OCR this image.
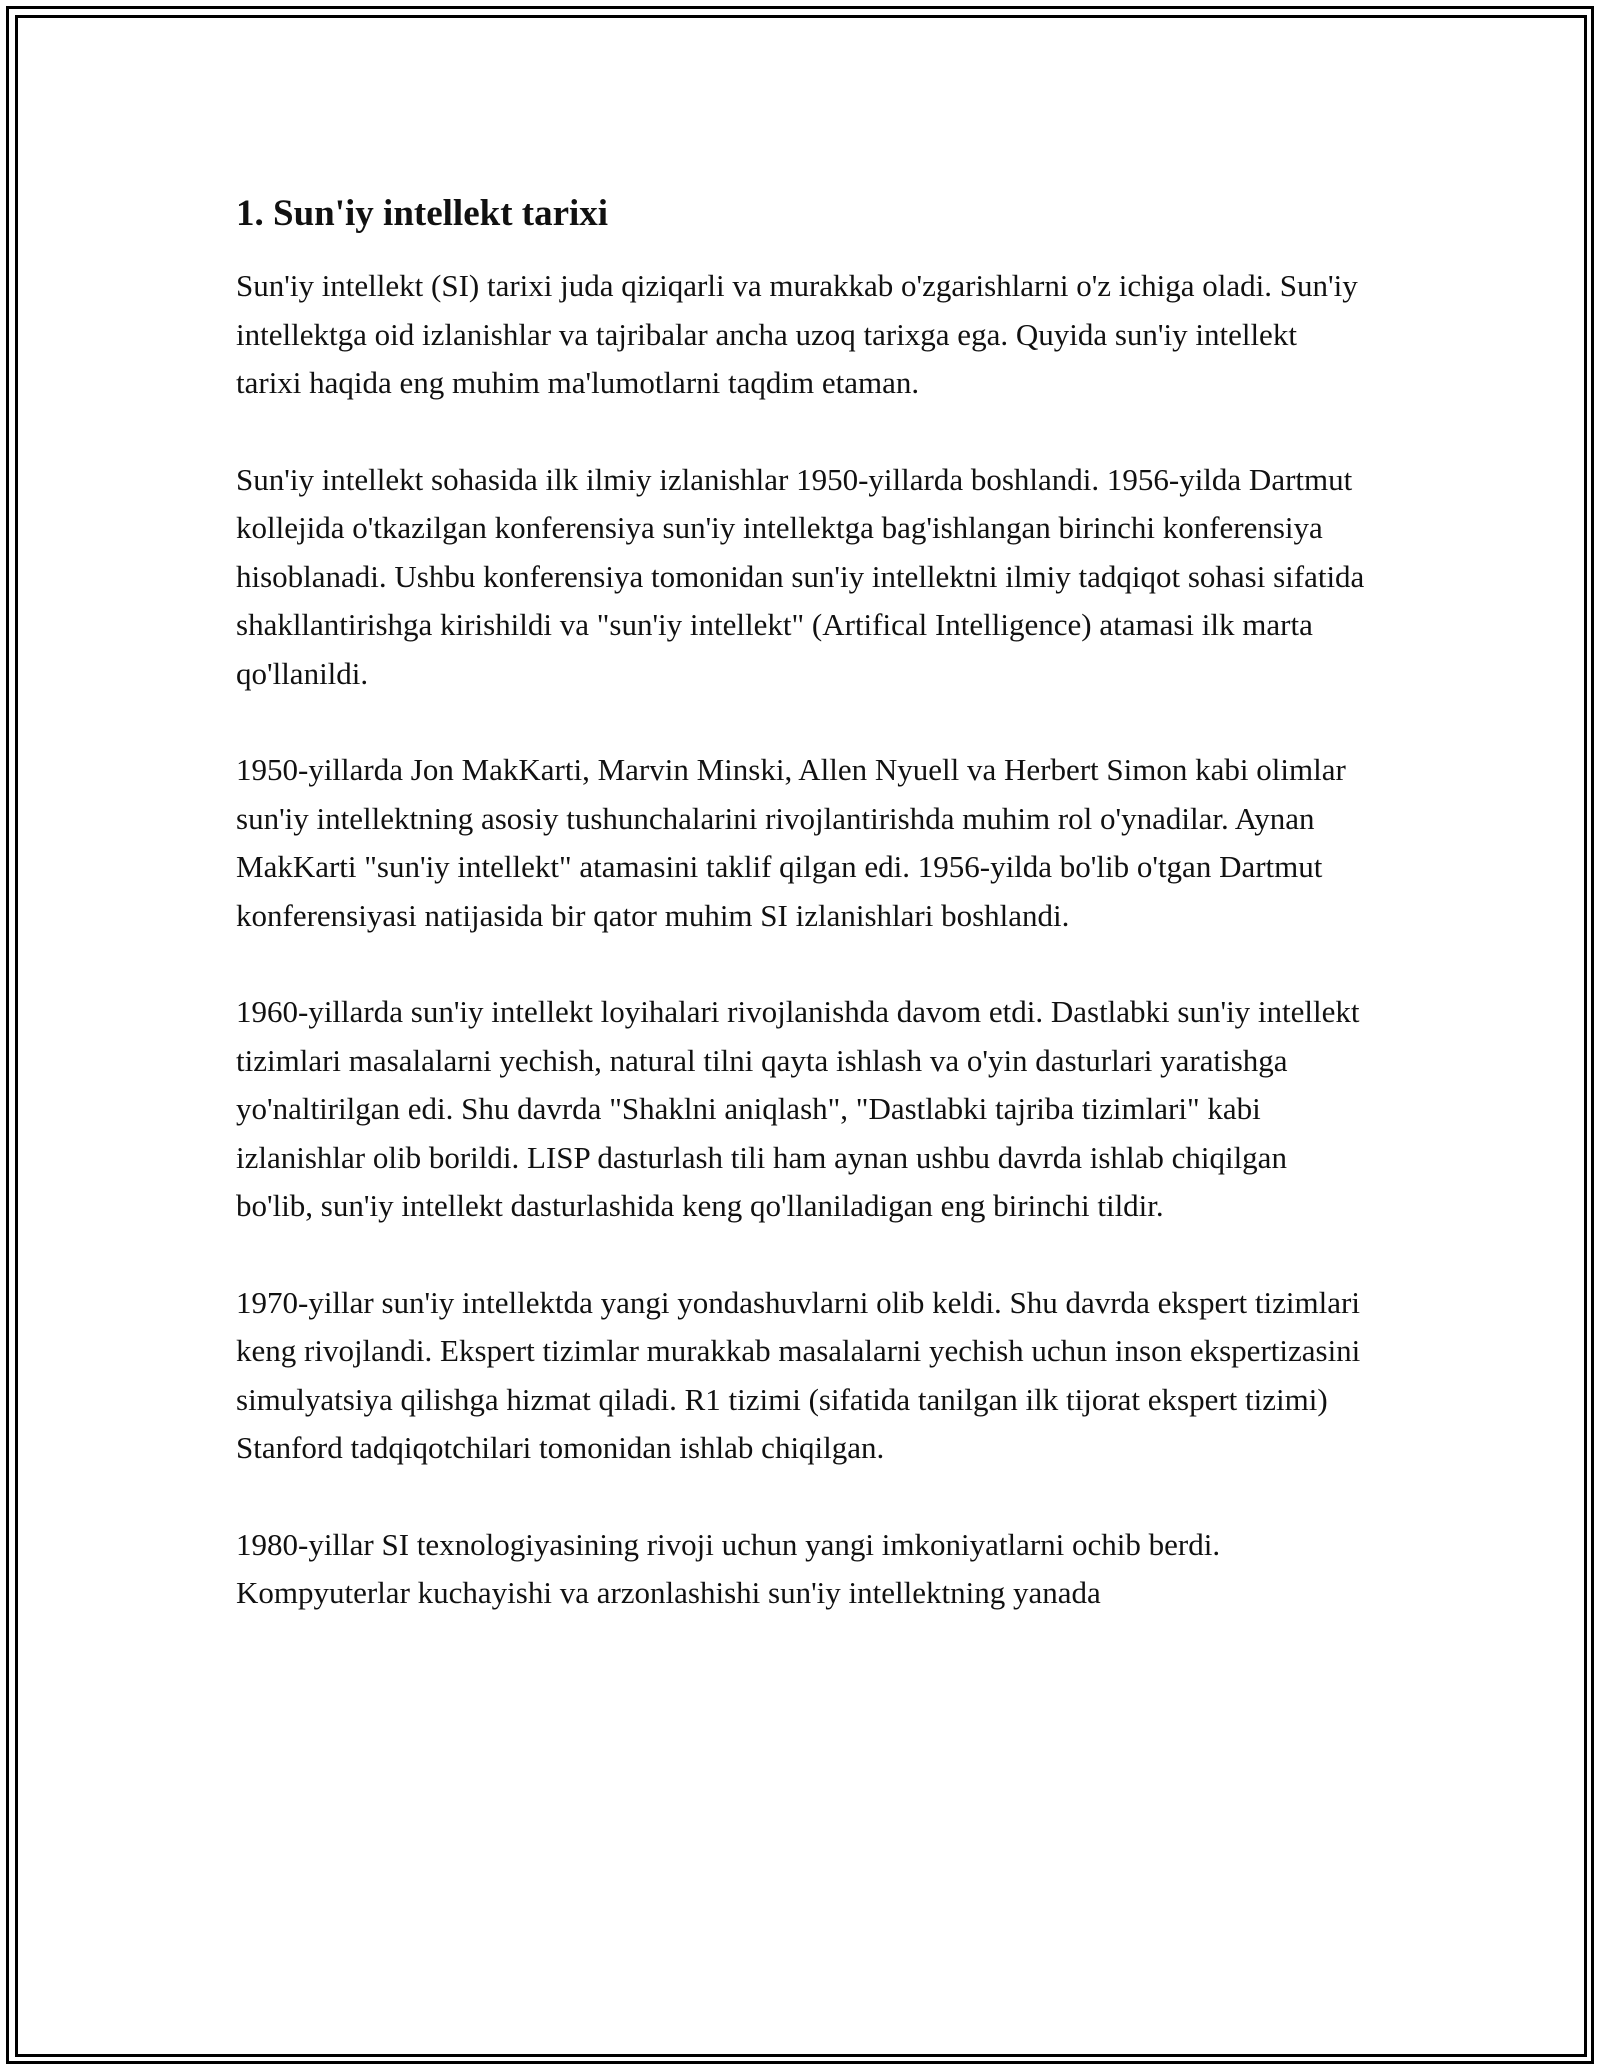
1. Sun'iy intellekt tarixi

Sun'iy intellekt (SI) tarixi juda qiziqarli va murakkab o'zgarishlarni o'z ichiga oladi. Sun'iy intellektga oid izlanishlar va tajribalar ancha uzoq tarixga ega. Quyida sun'iy intellekt tarixi haqida eng muhim ma'lumotlarni taqdim etaman.

Sun'iy intellekt sohasida ilk ilmiy izlanishlar 1950-yillarda boshlandi. 1956-yilda Dartmut kollejida o'tkazilgan konferensiya sun'iy intellektga bag'ishlangan birinchi konferensiya hisoblanadi. Ushbu konferensiya tomonidan sun'iy intellektni ilmiy tadqiqot sohasi sifatida shakllantirishga kirishildi va "sun'iy intellekt" (Artifical Intelligence) atamasi ilk marta qo'llanildi.

1950-yillarda Jon MakKarti, Marvin Minski, Allen Nyuell va Herbert Simon kabi olimlar sun'iy intellektning asosiy tushunchalarini rivojlantirishda muhim rol o'ynadilar. Aynan MakKarti "sun'iy intellekt" atamasini taklif qilgan edi. 1956-yilda bo'lib o'tgan Dartmut konferensiyasi natijasida bir qator muhim SI izlanishlari boshlandi.

1960-yillarda sun'iy intellekt loyihalari rivojlanishda davom etdi. Dastlabki sun'iy intellekt tizimlari masalalarni yechish, natural tilni qayta ishlash va o'yin dasturlari yaratishga yo'naltirilgan edi. Shu davrda "Shaklni aniqlash", "Dastlabki tajriba tizimlari" kabi izlanishlar olib borildi. LISP dasturlash tili ham aynan ushbu davrda ishlab chiqilgan bo'lib, sun'iy intellekt dasturlashida keng qo'llaniladigan eng birinchi tildir.

1970-yillar sun'iy intellektda yangi yondashuvlarni olib keldi. Shu davrda ekspert tizimlari keng rivojlandi. Ekspert tizimlar murakkab masalalarni yechish uchun inson ekspertizasini simulyatsiya qilishga hizmat qiladi. R1 tizimi (sifatida tanilgan ilk tijorat ekspert tizimi) Stanford tadqiqotchilari tomonidan ishlab chiqilgan.

1980-yillar SI texnologiyasining rivoji uchun yangi imkoniyatlarni ochib berdi. Kompyuterlar kuchayishi va arzonlashishi sun'iy intellektning yanada
